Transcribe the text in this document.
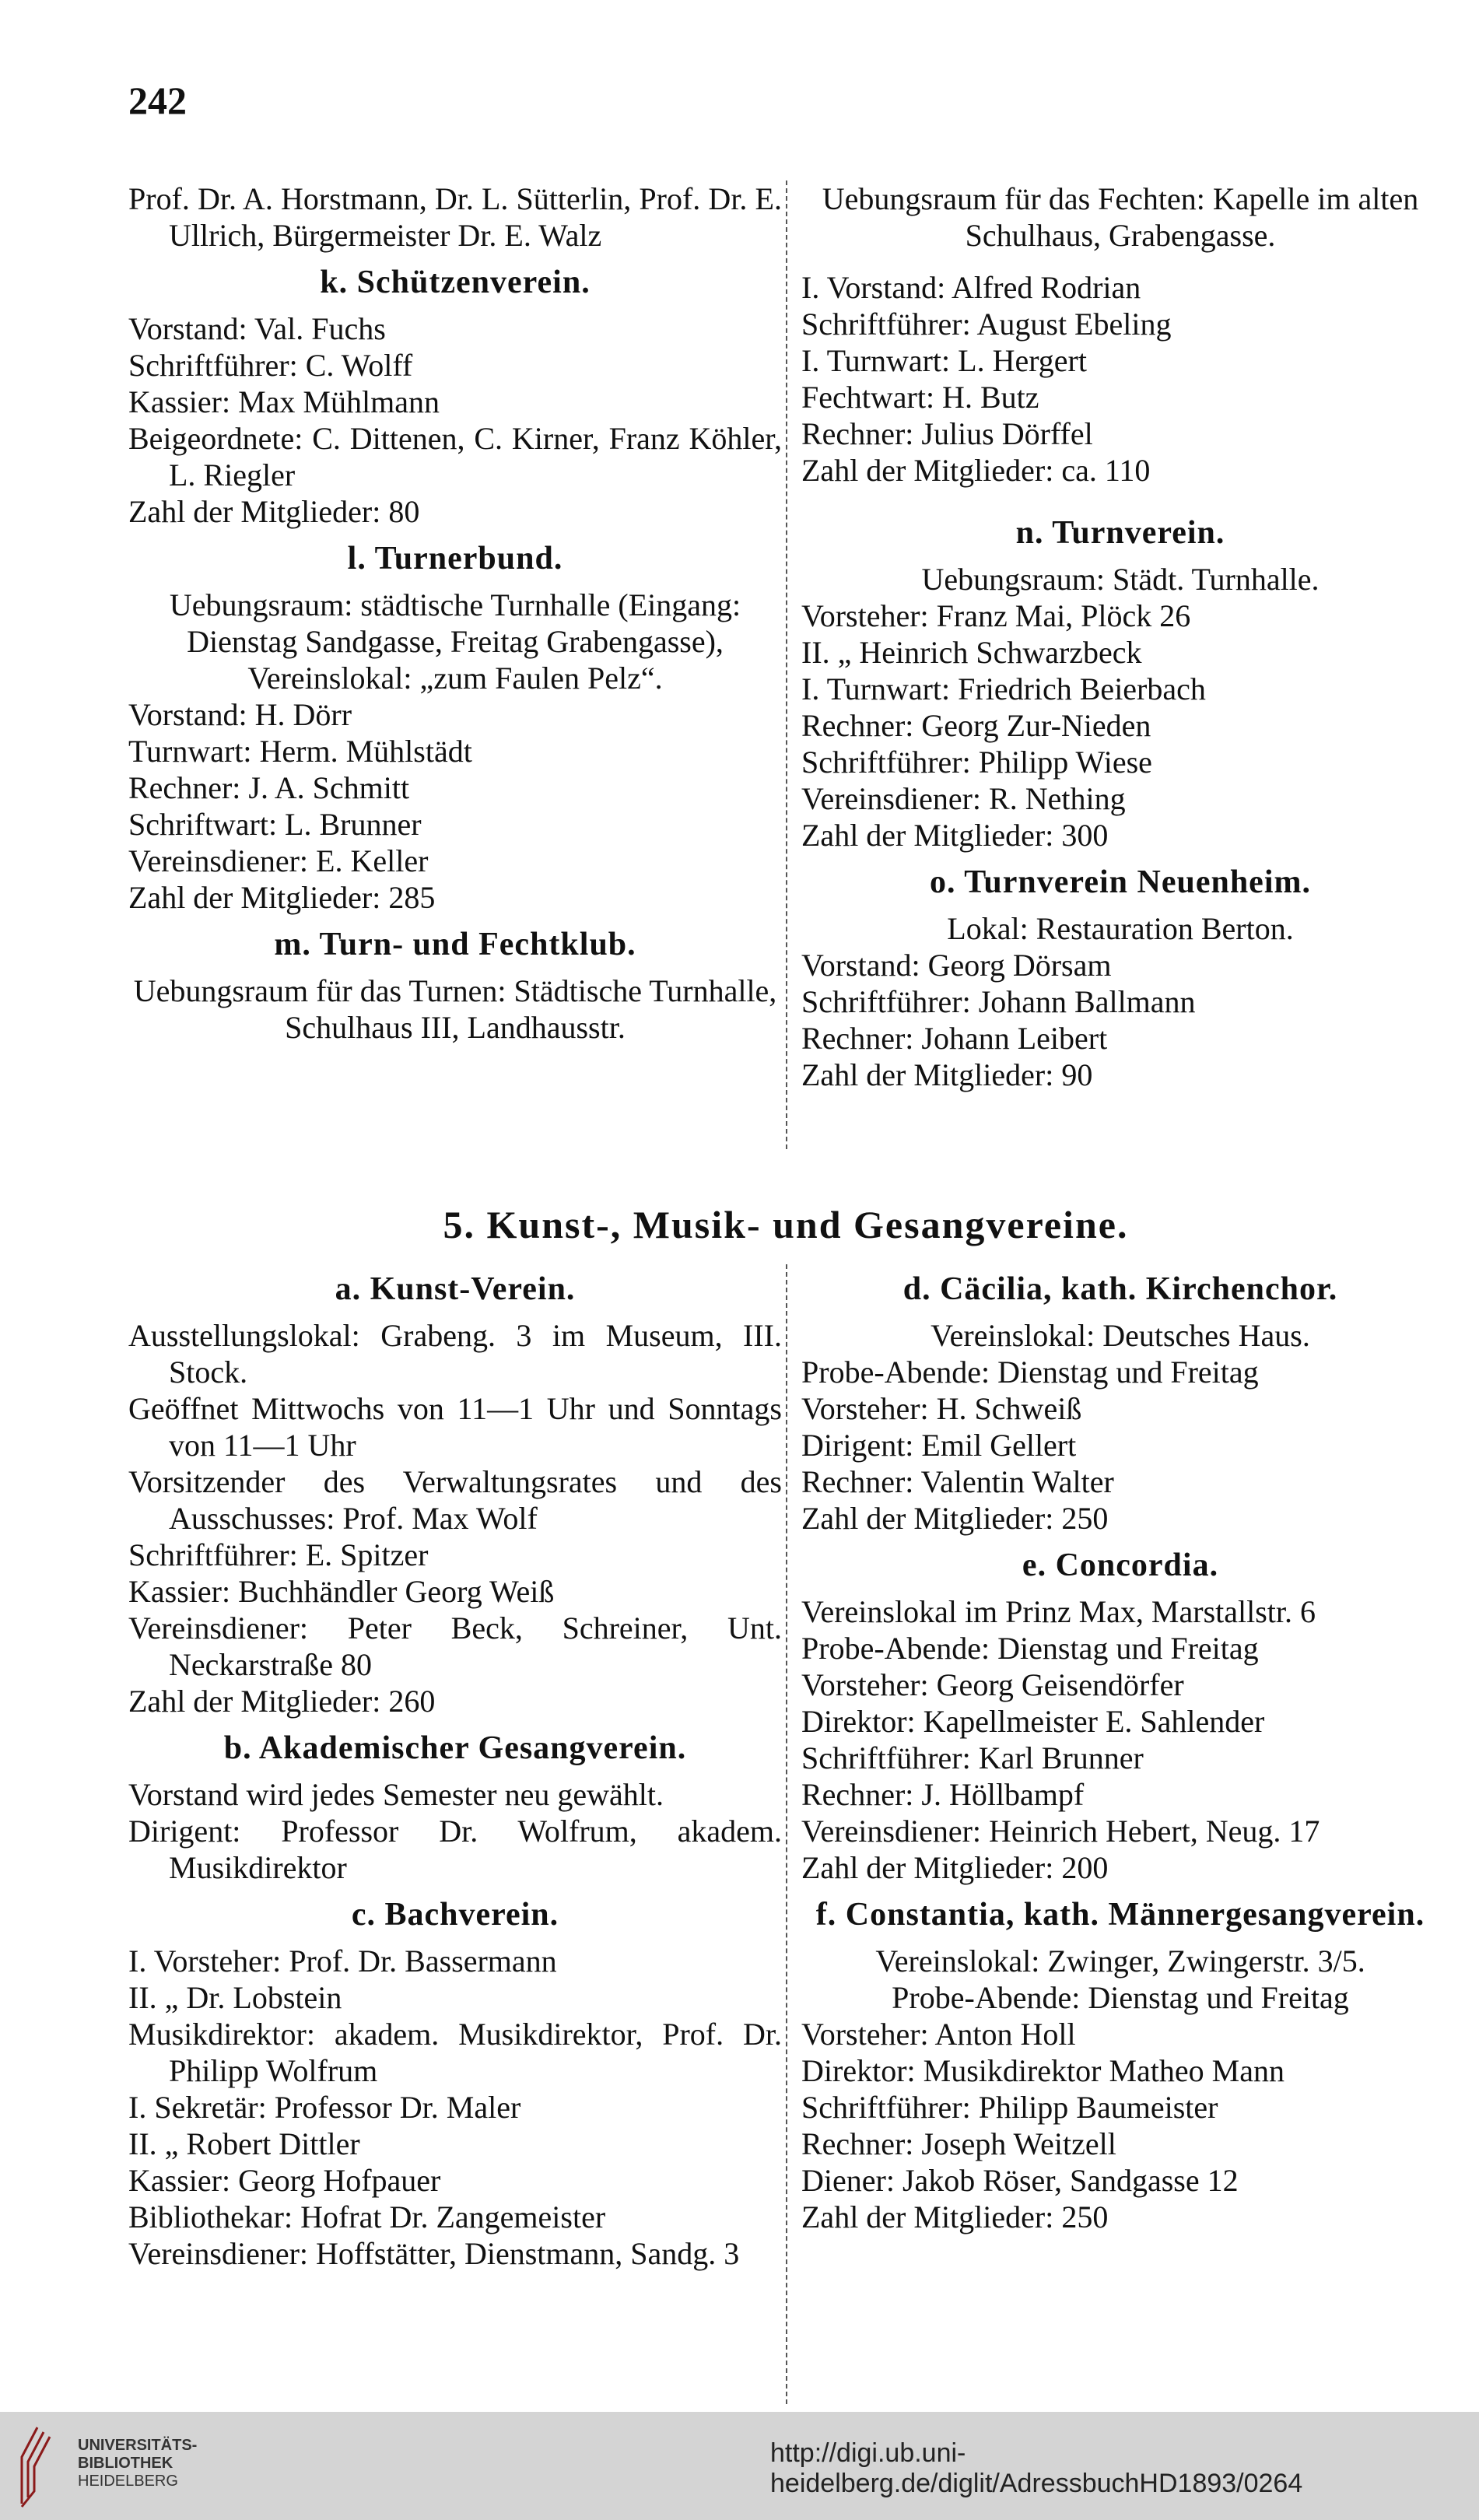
242
Prof. Dr. A. Horstmann, Dr. L. Sütterlin, Prof. Dr. E. Ullrich, Bürgermeister Dr. E. Walz
k. Schützenverein.
Vorstand: Val. Fuchs
Schriftführer: C. Wolff
Kassier: Max Mühlmann
Beigeordnete: C. Dittenen, C. Kirner, Franz Köhler, L. Riegler
Zahl der Mitglieder: 80
l. Turnerbund.
Uebungsraum: städtische Turnhalle (Eingang: Dienstag Sandgasse, Freitag Grabengasse),
Vereinslokal: „zum Faulen Pelz“.
Vorstand: H. Dörr
Turnwart: Herm. Mühlstädt
Rechner: J. A. Schmitt
Schriftwart: L. Brunner
Vereinsdiener: E. Keller
Zahl der Mitglieder: 285
m. Turn- und Fechtklub.
Uebungsraum für das Turnen: Städtische Turnhalle, Schulhaus III, Landhausstr.
Uebungsraum für das Fechten: Kapelle im alten Schulhaus, Grabengasse.
I. Vorstand: Alfred Rodrian
Schriftführer: August Ebeling
I. Turnwart: L. Hergert
Fechtwart: H. Butz
Rechner: Julius Dörffel
Zahl der Mitglieder: ca. 110
n. Turnverein.
Uebungsraum: Städt. Turnhalle.
Vorsteher: Franz Mai, Plöck 26
II. „ Heinrich Schwarzbeck
I. Turnwart: Friedrich Beierbach
Rechner: Georg Zur-Nieden
Schriftführer: Philipp Wiese
Vereinsdiener: R. Nething
Zahl der Mitglieder: 300
o. Turnverein Neuenheim.
Lokal: Restauration Berton.
Vorstand: Georg Dörsam
Schriftführer: Johann Ballmann
Rechner: Johann Leibert
Zahl der Mitglieder: 90
5. Kunst-, Musik- und Gesangvereine.
a. Kunst-Verein.
Ausstellungslokal: Grabeng. 3 im Museum, III. Stock.
Geöffnet Mittwochs von 11—1 Uhr und Sonntags von 11—1 Uhr
Vorsitzender des Verwaltungsrates und des Ausschusses: Prof. Max Wolf
Schriftführer: E. Spitzer
Kassier: Buchhändler Georg Weiß
Vereinsdiener: Peter Beck, Schreiner, Unt. Neckarstraße 80
Zahl der Mitglieder: 260
b. Akademischer Gesangverein.
Vorstand wird jedes Semester neu gewählt.
Dirigent: Professor Dr. Wolfrum, akadem. Musikdirektor
c. Bachverein.
I. Vorsteher: Prof. Dr. Bassermann
II. „ Dr. Lobstein
Musikdirektor: akadem. Musikdirektor, Prof. Dr. Philipp Wolfrum
I. Sekretär: Professor Dr. Maler
II. „ Robert Dittler
Kassier: Georg Hofpauer
Bibliothekar: Hofrat Dr. Zangemeister
Vereinsdiener: Hoffstätter, Dienstmann, Sandg. 3
d. Cäcilia, kath. Kirchenchor.
Vereinslokal: Deutsches Haus.
Probe-Abende: Dienstag und Freitag
Vorsteher: H. Schweiß
Dirigent: Emil Gellert
Rechner: Valentin Walter
Zahl der Mitglieder: 250
e. Concordia.
Vereinslokal im Prinz Max, Marstallstr. 6
Probe-Abende: Dienstag und Freitag
Vorsteher: Georg Geisendörfer
Direktor: Kapellmeister E. Sahlender
Schriftführer: Karl Brunner
Rechner: J. Höllbampf
Vereinsdiener: Heinrich Hebert, Neug. 17
Zahl der Mitglieder: 200
f. Constantia, kath. Männergesangverein.
Vereinslokal: Zwinger, Zwingerstr. 3/5.
Probe-Abende: Dienstag und Freitag
Vorsteher: Anton Holl
Direktor: Musikdirektor Matheo Mann
Schriftführer: Philipp Baumeister
Rechner: Joseph Weitzell
Diener: Jakob Röser, Sandgasse 12
Zahl der Mitglieder: 250
UNIVERSITÄTS-
BIBLIOTHEK
HEIDELBERG
http://digi.ub.uni-heidelberg.de/diglit/AdressbuchHD1893/0264
